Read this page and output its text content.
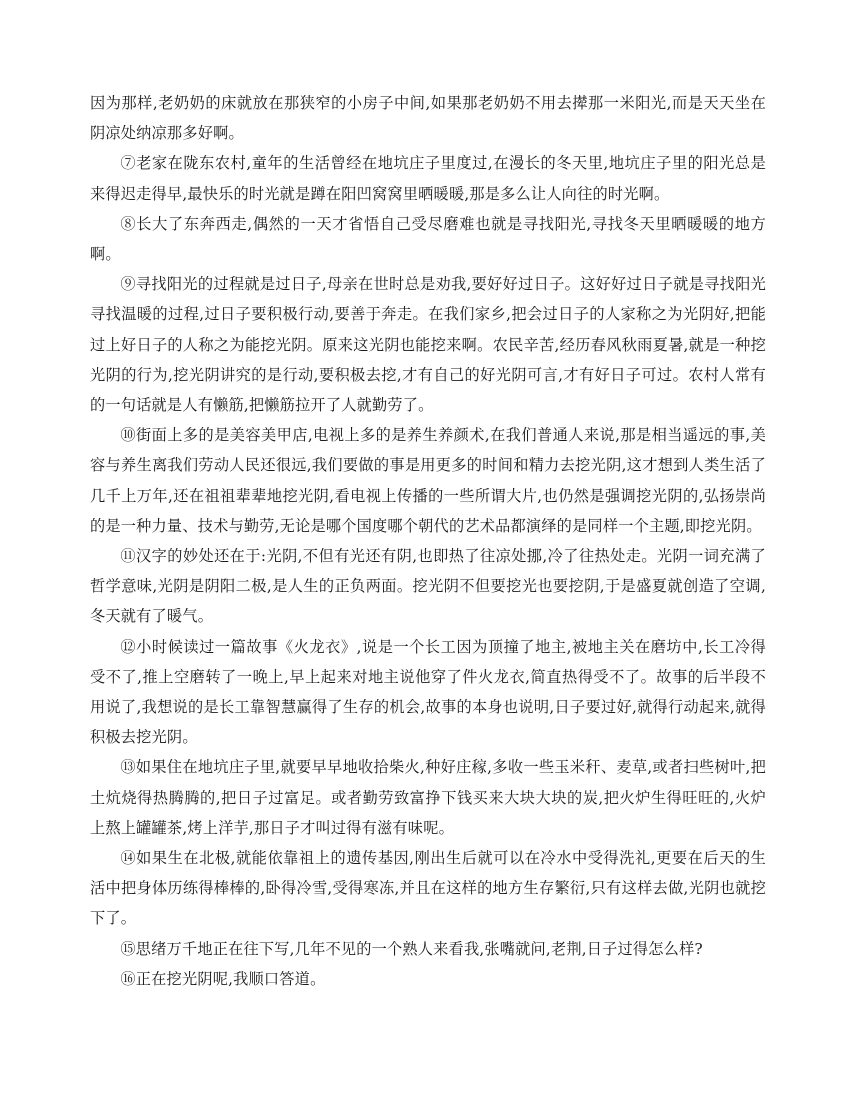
因为那样,老奶奶的床就放在那狭窄的小房子中间,如果那老奶奶不用去撵那一米阳光,而是天天坐在阴凉处纳凉那多好啊。

⑦老家在陇东农村,童年的生活曾经在地坑庄子里度过,在漫长的冬天里,地坑庄子里的阳光总是来得迟走得早,最快乐的时光就是蹲在阳凹窝窝里晒暖暖,那是多么让人向往的时光啊。

⑧长大了东奔西走,偶然的一天才省悟自己受尽磨难也就是寻找阳光,寻找冬天里晒暖暖的地方啊。

⑨寻找阳光的过程就是过日子,母亲在世时总是劝我,要好好过日子。这好好过日子就是寻找阳光寻找温暖的过程,过日子要积极行动,要善于奔走。在我们家乡,把会过日子的人家称之为光阴好,把能过上好日子的人称之为能挖光阴。原来这光阴也能挖来啊。农民辛苦,经历春风秋雨夏暑,就是一种挖光阴的行为,挖光阴讲究的是行动,要积极去挖,才有自己的好光阴可言,才有好日子可过。农村人常有的一句话就是人有懒筋,把懒筋拉开了人就勤劳了。

⑩街面上多的是美容美甲店,电视上多的是养生养颜术,在我们普通人来说,那是相当遥远的事,美容与养生离我们劳动人民还很远,我们要做的事是用更多的时间和精力去挖光阴,这才想到人类生活了几千上万年,还在祖祖辈辈地挖光阴,看电视上传播的一些所谓大片,也仍然是强调挖光阴的,弘扬崇尚的是一种力量、技术与勤劳,无论是哪个国度哪个朝代的艺术品都演绎的是同样一个主题,即挖光阴。

⑪汉字的妙处还在于:光阴,不但有光还有阴,也即热了往凉处挪,冷了往热处走。光阴一词充满了哲学意味,光阴是阴阳二极,是人生的正负两面。挖光阴不但要挖光也要挖阴,于是盛夏就创造了空调,冬天就有了暖气。

⑫小时候读过一篇故事《火龙衣》,说是一个长工因为顶撞了地主,被地主关在磨坊中,长工冷得受不了,推上空磨转了一晚上,早上起来对地主说他穿了件火龙衣,简直热得受不了。故事的后半段不用说了,我想说的是长工靠智慧赢得了生存的机会,故事的本身也说明,日子要过好,就得行动起来,就得积极去挖光阴。

⑬如果住在地坑庄子里,就要早早地收拾柴火,种好庄稼,多收一些玉米秆、麦草,或者扫些树叶,把土炕烧得热腾腾的,把日子过富足。或者勤劳致富挣下钱买来大块大块的炭,把火炉生得旺旺的,火炉上熬上罐罐茶,烤上洋芋,那日子才叫过得有滋有味呢。

⑭如果生在北极,就能依靠祖上的遗传基因,刚出生后就可以在冷水中受得洗礼,更要在后天的生活中把身体历练得棒棒的,卧得冷雪,受得寒冻,并且在这样的地方生存繁衍,只有这样去做,光阴也就挖下了。

⑮思绪万千地正在往下写,几年不见的一个熟人来看我,张嘴就问,老荆,日子过得怎么样?

⑯正在挖光阴呢,我顺口答道。
